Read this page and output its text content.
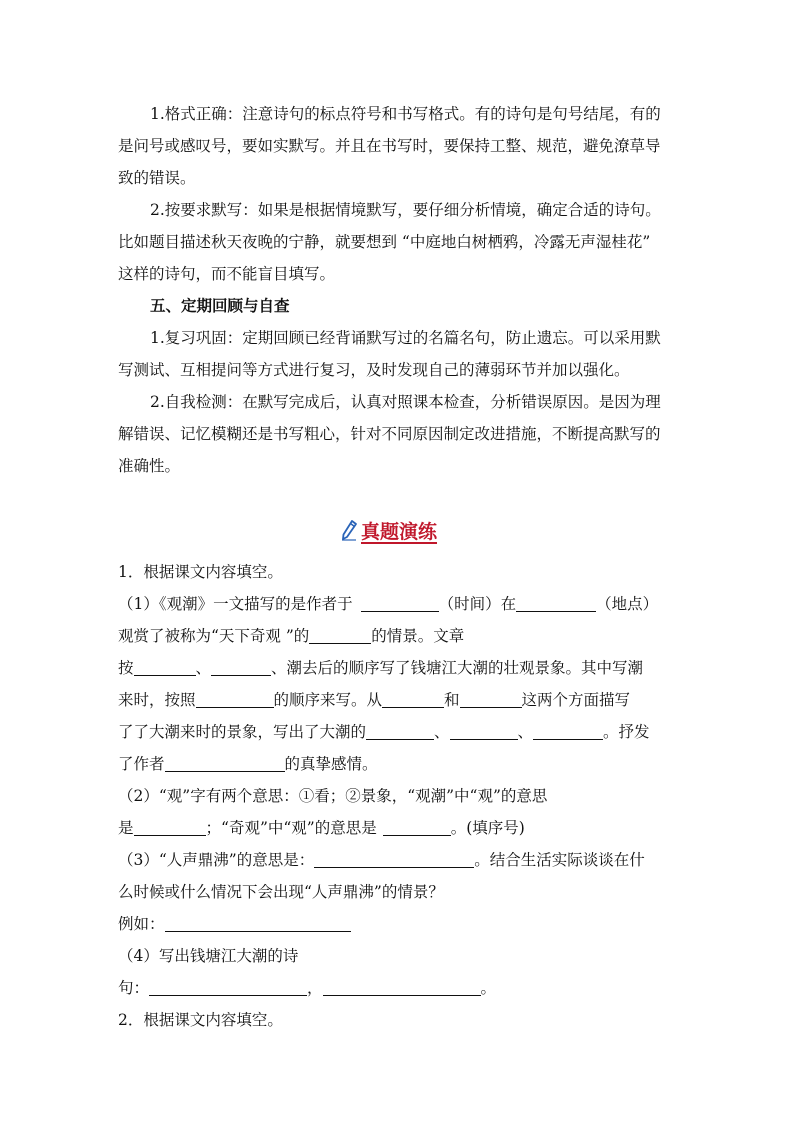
1.格式正确：注意诗句的标点符号和书写格式。有的诗句是句号结尾，有的
是问号或感叹号，要如实默写。并且在书写时，要保持工整、规范，避免潦草导
致的错误。
2.按要求默写：如果是根据情境默写，要仔细分析情境，确定合适的诗句。
比如题目描述秋天夜晚的宁静，就要想到 “中庭地白树栖鸦，冷露无声湿桂花”
这样的诗句，而不能盲目填写。
五、定期回顾与自查
1.复习巩固：定期回顾已经背诵默写过的名篇名句，防止遗忘。可以采用默
写测试、互相提问等方式进行复习，及时发现自己的薄弱环节并加以强化。
2.自我检测：在默写完成后，认真对照课本检查，分析错误原因。是因为理
解错误、记忆模糊还是书写粗心，针对不同原因制定改进措施，不断提高默写的
准确性。
真题演练
1．根据课文内容填空。
（1）《观潮》一文描写的是作者于	（时间）在	（地点）
观赏了被称为“天下奇观 ”的	的情景。文章
按	、	、潮去后的顺序写了钱塘江大潮的壮观景象。其中写潮
来时，按照	的顺序来写。从	和	这两个方面描写
了了大潮来时的景象，写出了大潮的	、	、	。抒发
了作者	的真挚感情。
（2）“观”字有两个意思：①看；②景象，“观潮”中“观”的意思
是	；“奇观”中“观”的意思是	。(填序号)
（3）“人声鼎沸”的意思是：	。结合生活实际谈谈在什
么时候或什么情况下会出现“人声鼎沸”的情景？
例如：
（4）写出钱塘江大潮的诗
句：	，	。
2．根据课文内容填空。
